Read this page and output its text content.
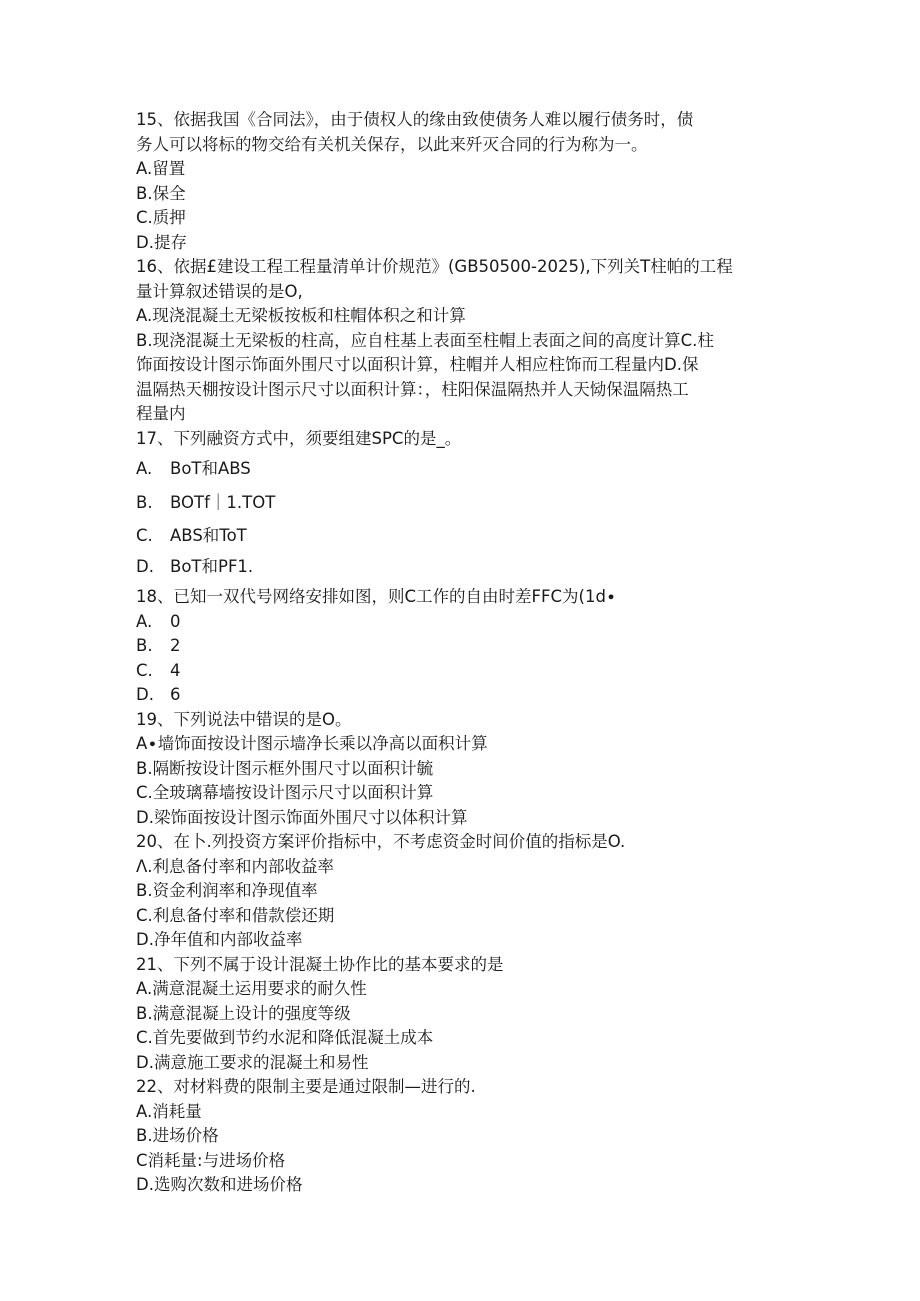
15、依据我国《合同法》，由于债权人的缘由致使债务人难以履行债务时，债
务人可以将标的物交给有关机关保存，以此来歼灭合同的行为称为一。
A.留置
B.保全
C.质押
D.提存
16、依据£建设工程工程量清单计价规范》(GB50500-2025),下列关T柱帕的工程
量计算叙述错误的是O,
A.现浇混凝土无梁板按板和柱帽体积之和计算
B.现浇混凝土无梁板的柱高，应自柱基上表面至柱帽上表面之间的高度计算C.柱
饰面按设计图示饰面外围尺寸以面积计算，柱帽并人相应柱饰而工程量内D.保
温隔热天棚按设计图示尺寸以面积计算：，柱阳保温隔热并人天恸保温隔热工
程量内
17、下列融资方式中，须要组建SPC的是_。
A. BoT和ABS
B. BOTf｜1.TOT
C. ABS和ToT
D. BoT和PF1.
18、已知一双代号网络安排如图，则C工作的自由时差FFC为(1d∙
A. 0
B. 2
C. 4
D. 6
19、下列说法中错误的是O。
A∙墙饰面按设计图示墙净长乘以净高以面积计算
B.隔断按设计图示框外围尺寸以面积计毓
C.全玻璃幕墙按设计图示尺寸以面积计算
D.梁饰面按设计图示饰面外围尺寸以体积计算
20、在卜.列投资方案评价指标中，不考虑资金时间价值的指标是O.
Λ.利息备付率和内部收益率
B.资金利润率和净现值率
C.利息备付率和借款偿还期
D.净年值和内部收益率
21、下列不属于设计混凝土协作比的基本要求的是
A.满意混凝土运用要求的耐久性
B.满意混凝上设计的强度等级
C.首先要做到节约水泥和降低混凝土成本
D.满意施工要求的混凝土和易性
22、对材料费的限制主要是通过限制—进行的.
A.消耗量
B.进场价格
C消耗量:与进场价格
D.选购次数和进场价格
